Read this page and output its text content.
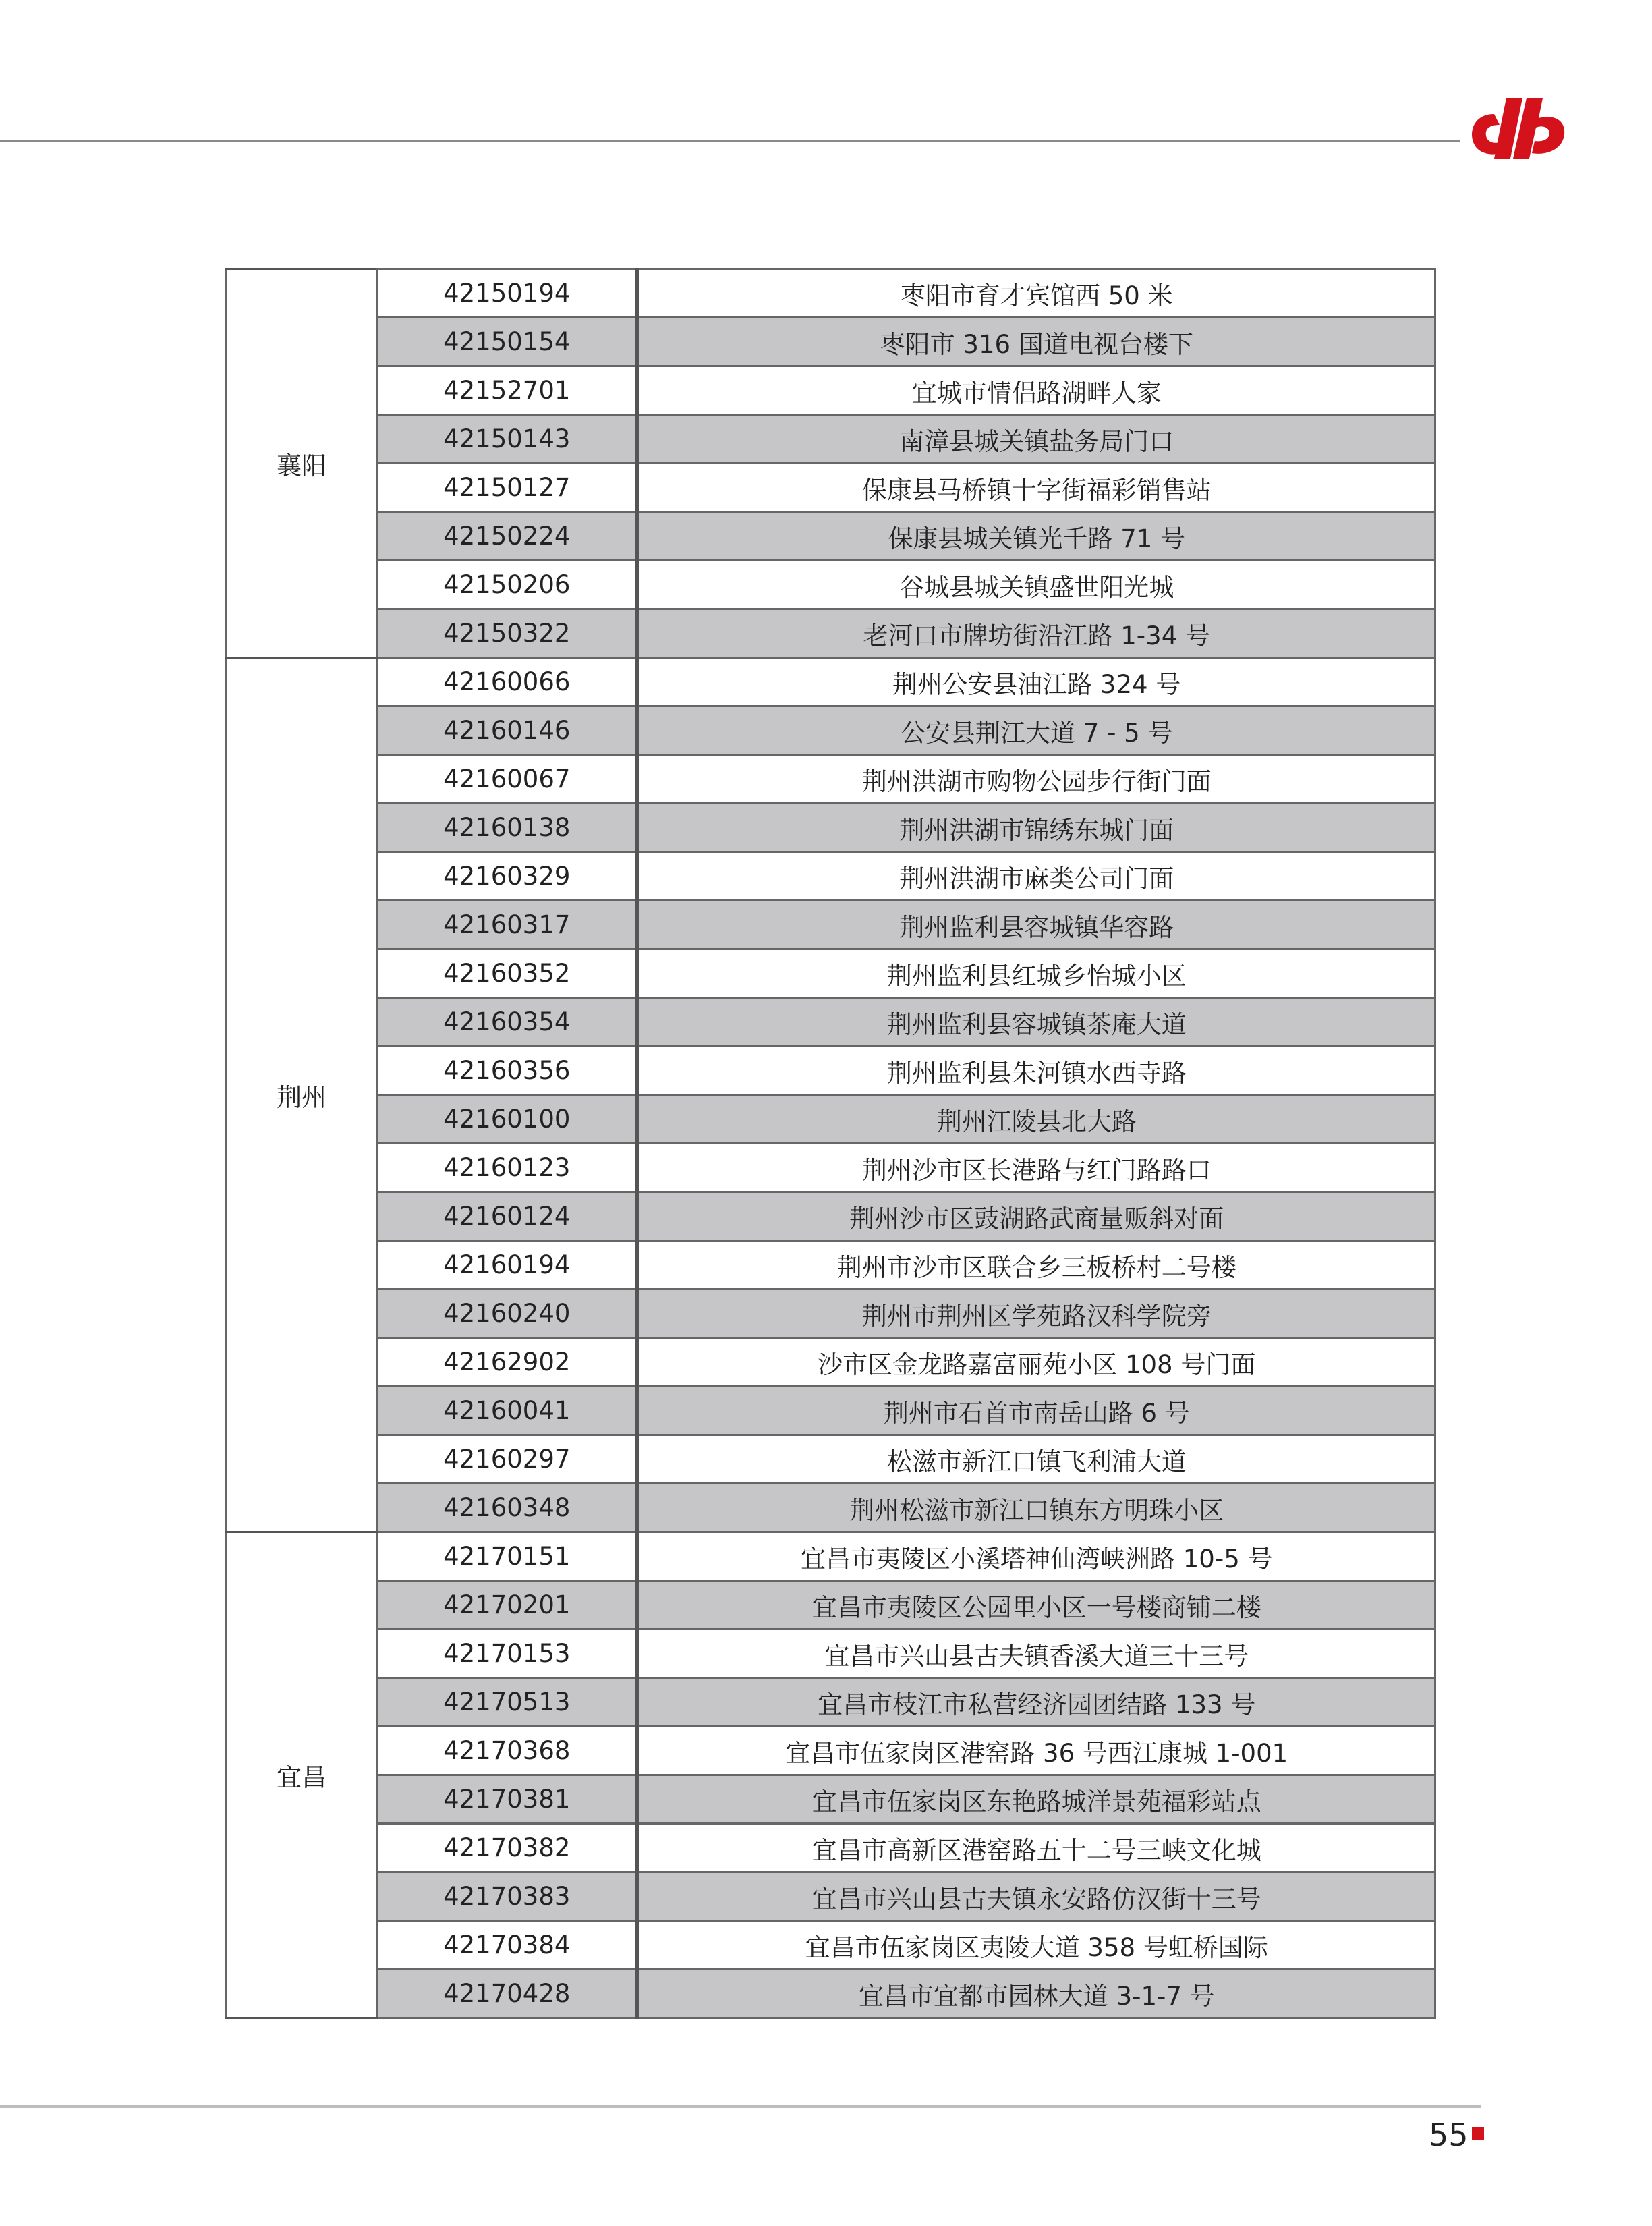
襄阳	42150194	枣阳市育才宾馆西 50 米
	42150154	枣阳市 316 国道电视台楼下
	42152701	宜城市情侣路湖畔人家
	42150143	南漳县城关镇盐务局门口
	42150127	保康县马桥镇十字街福彩销售站
	42150224	保康县城关镇光千路 71 号
	42150206	谷城县城关镇盛世阳光城
	42150322	老河口市牌坊街沿江路 1-34 号
荆州	42160066	荆州公安县油江路 324 号
	42160146	公安县荆江大道 7 ‐ 5 号
	42160067	荆州洪湖市购物公园步行街门面
	42160138	荆州洪湖市锦绣东城门面
	42160329	荆州洪湖市麻类公司门面
	42160317	荆州监利县容城镇华容路
	42160352	荆州监利县红城乡怡城小区
	42160354	荆州监利县容城镇茶庵大道
	42160356	荆州监利县朱河镇水西寺路
	42160100	荆州江陵县北大路
	42160123	荆州沙市区长港路与红门路路口
	42160124	荆州沙市区豉湖路武商量贩斜对面
	42160194	荆州市沙市区联合乡三板桥村二号楼
	42160240	荆州市荆州区学苑路汉科学院旁
	42162902	沙市区金龙路嘉富丽苑小区 108 号门面
	42160041	荆州市石首市南岳山路 6 号
	42160297	松滋市新江口镇飞利浦大道
	42160348	荆州松滋市新江口镇东方明珠小区
宜昌	42170151	宜昌市夷陵区小溪塔神仙湾峡洲路 10-5 号
	42170201	宜昌市夷陵区公园里小区一号楼商铺二楼
	42170153	宜昌市兴山县古夫镇香溪大道三十三号
	42170513	宜昌市枝江市私营经济园团结路 133 号
	42170368	宜昌市伍家岗区港窑路 36 号西江康城 1-001
	42170381	宜昌市伍家岗区东艳路城洋景苑福彩站点
	42170382	宜昌市高新区港窑路五十二号三峡文化城
	42170383	宜昌市兴山县古夫镇永安路仿汉街十三号
	42170384	宜昌市伍家岗区夷陵大道 358 号虹桥国际
	42170428	宜昌市宜都市园林大道 3-1-7 号
55
